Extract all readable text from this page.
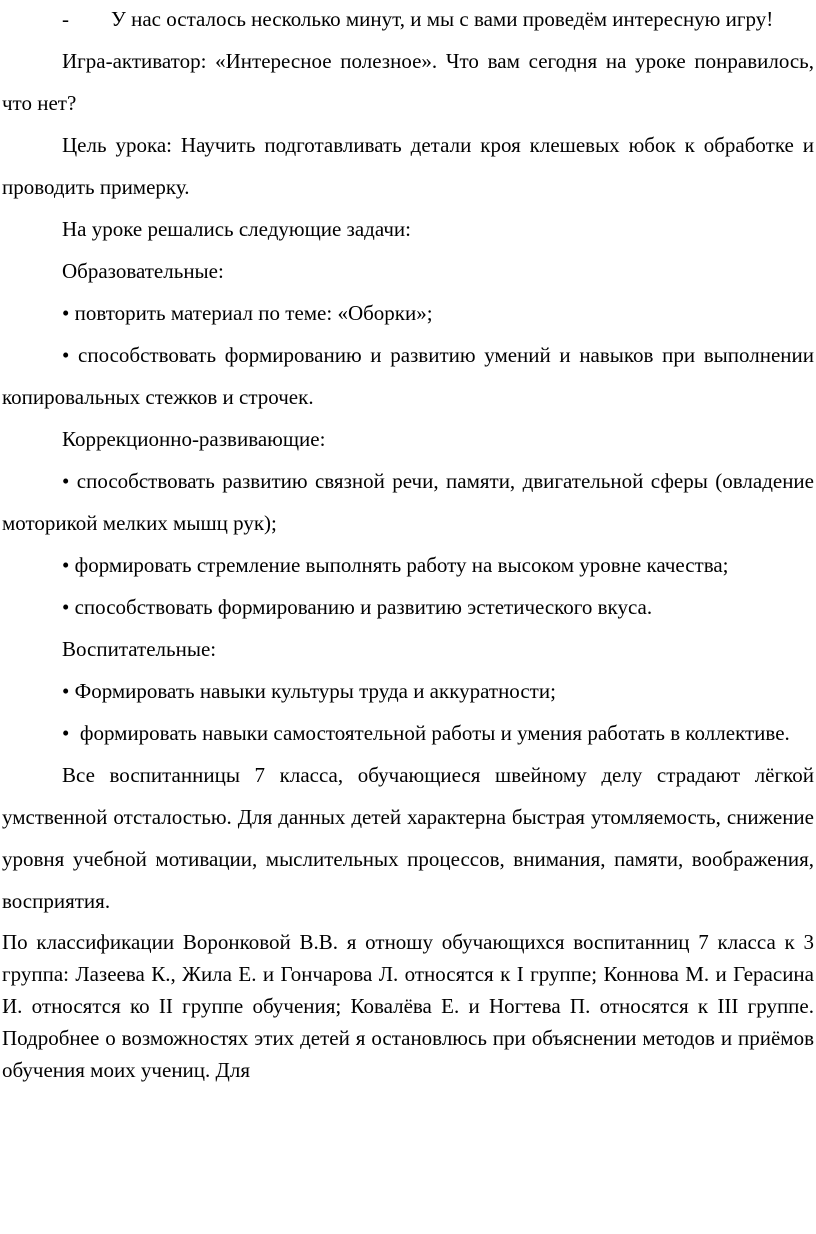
-        У нас осталось несколько минут, и мы с вами проведём интересную игру!

Игра-активатор: «Интересное полезное». Что вам сегодня на уроке понравилось, что нет?

Цель урока: Научить подготавливать детали кроя клешевых юбок к обработке и проводить примерку.

На уроке решались следующие задачи:

Образовательные:

• повторить материал по теме: «Оборки»;

• способствовать формированию и развитию умений и навыков при выполнении копировальных стежков и строчек.

Коррекционно-развивающие:

• способствовать развитию связной речи, памяти, двигательной сферы (овладение моторикой мелких мышц рук);

• формировать стремление выполнять работу на высоком уровне качества;

• способствовать формированию и развитию эстетического вкуса.

Воспитательные:

• Формировать навыки культуры труда и аккуратности;

•  формировать навыки самостоятельной работы и умения работать в коллективе.

Все воспитанницы 7 класса, обучающиеся швейному делу страдают лёгкой умственной отсталостью. Для данных детей характерна быстрая утомляемость, снижение уровня учебной мотивации, мыслительных процессов, внимания, памяти, воображения, восприятия.

По классификации Воронковой В.В. я отношу обучающихся воспитанниц 7 класса к 3 группа: Лазеева К., Жила Е. и Гончарова Л. относятся к I группе; Коннова М. и Герасина И. относятся ко II группе обучения; Ковалёва Е. и Ногтева П. относятся к III группе. Подробнее о возможностях этих детей я остановлюсь при объяснении методов и приёмов обучения моих учениц. Для
